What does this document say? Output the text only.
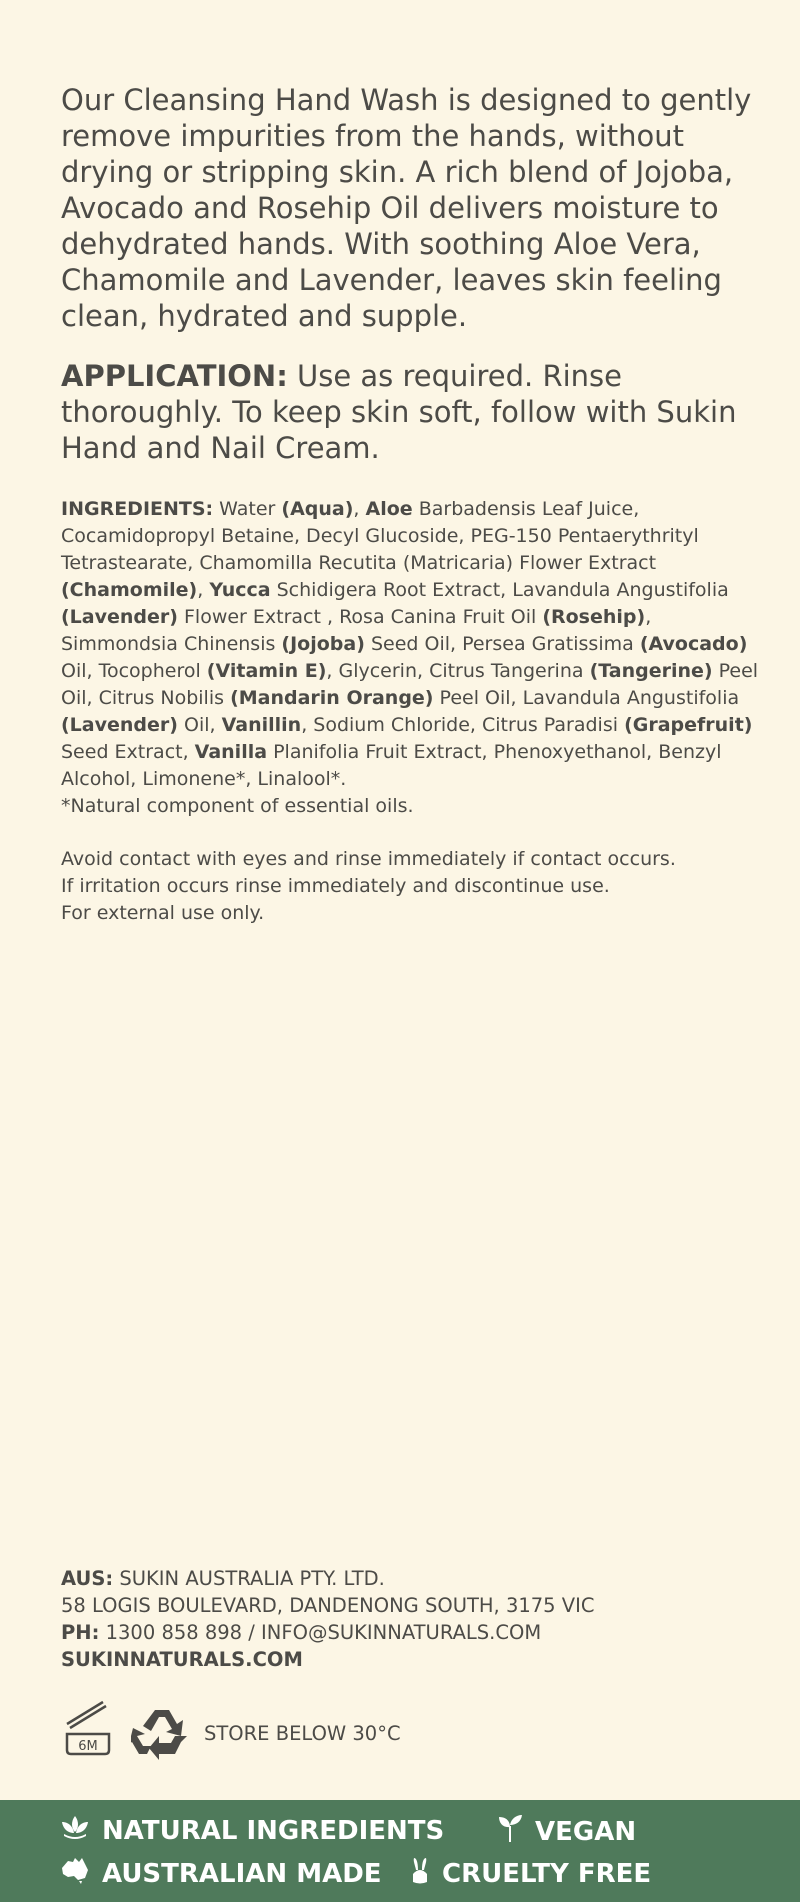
Our Cleansing Hand Wash is designed to gently remove impurities from the hands, without drying or stripping skin. A rich blend of Jojoba, Avocado and Rosehip Oil delivers moisture to dehydrated hands. With soothing Aloe Vera, Chamomile and Lavender, leaves skin feeling clean, hydrated and supple.

APPLICATION: Use as required. Rinse thoroughly. To keep skin soft, follow with Sukin Hand and Nail Cream.

INGREDIENTS: Water (Aqua), Aloe Barbadensis Leaf Juice, Cocamidopropyl Betaine, Decyl Glucoside, PEG-150 Pentaerythrityl Tetrastearate, Chamomilla Recutita (Matricaria) Flower Extract (Chamomile), Yucca Schidigera Root Extract, Lavandula Angustifolia (Lavender) Flower Extract , Rosa Canina Fruit Oil (Rosehip), Simmondsia Chinensis (Jojoba) Seed Oil, Persea Gratissima (Avocado) Oil, Tocopherol (Vitamin E), Glycerin, Citrus Tangerina (Tangerine) Peel Oil, Citrus Nobilis (Mandarin Orange) Peel Oil, Lavandula Angustifolia (Lavender) Oil, Vanillin, Sodium Chloride, Citrus Paradisi (Grapefruit) Seed Extract, Vanilla Planifolia Fruit Extract, Phenoxyethanol, Benzyl Alcohol, Limonene*, Linalool*.
*Natural component of essential oils.

Avoid contact with eyes and rinse immediately if contact occurs.
If irritation occurs rinse immediately and discontinue use.
For external use only.
AUS: SUKIN AUSTRALIA PTY. LTD.
58 LOGIS BOULEVARD, DANDENONG SOUTH, 3175 VIC
PH: 1300 858 898 / INFO@SUKINNATURALS.COM
SUKINNATURALS.COM
6M
STORE BELOW 30°C
NATURAL INGREDIENTS	VEGAN
AUSTRALIAN MADE CRUELTY FREE
